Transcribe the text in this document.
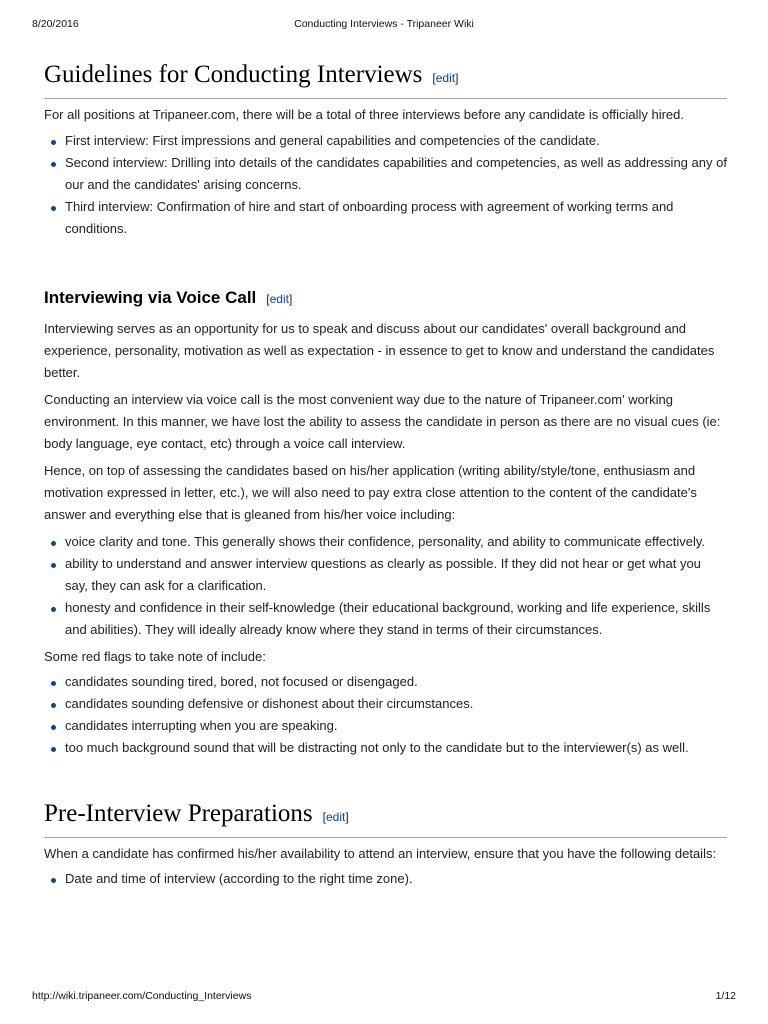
8/20/2016	Conducting Interviews - Tripaneer Wiki
Guidelines for Conducting Interviews [edit]

For all positions at Tripaneer.com, there will be a total of three interviews before any candidate is officially hired.

First interview: First impressions and general capabilities and competencies of the candidate.
Second interview: Drilling into details of the candidates capabilities and competencies, as well as addressing any of our and the candidates' arising concerns.
Third interview: Confirmation of hire and start of onboarding process with agreement of working terms and conditions.
Interviewing via Voice Call [edit]

Interviewing serves as an opportunity for us to speak and discuss about our candidates' overall background and experience, personality, motivation as well as expectation - in essence to get to know and understand the candidates better.

Conducting an interview via voice call is the most convenient way due to the nature of Tripaneer.com' working environment. In this manner, we have lost the ability to assess the candidate in person as there are no visual cues (ie: body language, eye contact, etc) through a voice call interview.

Hence, on top of assessing the candidates based on his/her application (writing ability/style/tone, enthusiasm and motivation expressed in letter, etc.), we will also need to pay extra close attention to the content of the candidate's answer and everything else that is gleaned from his/her voice including:

voice clarity and tone. This generally shows their confidence, personality, and ability to communicate effectively.
ability to understand and answer interview questions as clearly as possible. If they did not hear or get what you say, they can ask for a clarification.
honesty and confidence in their self-knowledge (their educational background, working and life experience, skills and abilities). They will ideally already know where they stand in terms of their circumstances.

Some red flags to take note of include:

candidates sounding tired, bored, not focused or disengaged.
candidates sounding defensive or dishonest about their circumstances.
candidates interrupting when you are speaking.
too much background sound that will be distracting not only to the candidate but to the interviewer(s) as well.
Pre-Interview Preparations [edit]

When a candidate has confirmed his/her availability to attend an interview, ensure that you have the following details:

Date and time of interview (according to the right time zone).
http://wiki.tripaneer.com/Conducting_Interviews	1/12
